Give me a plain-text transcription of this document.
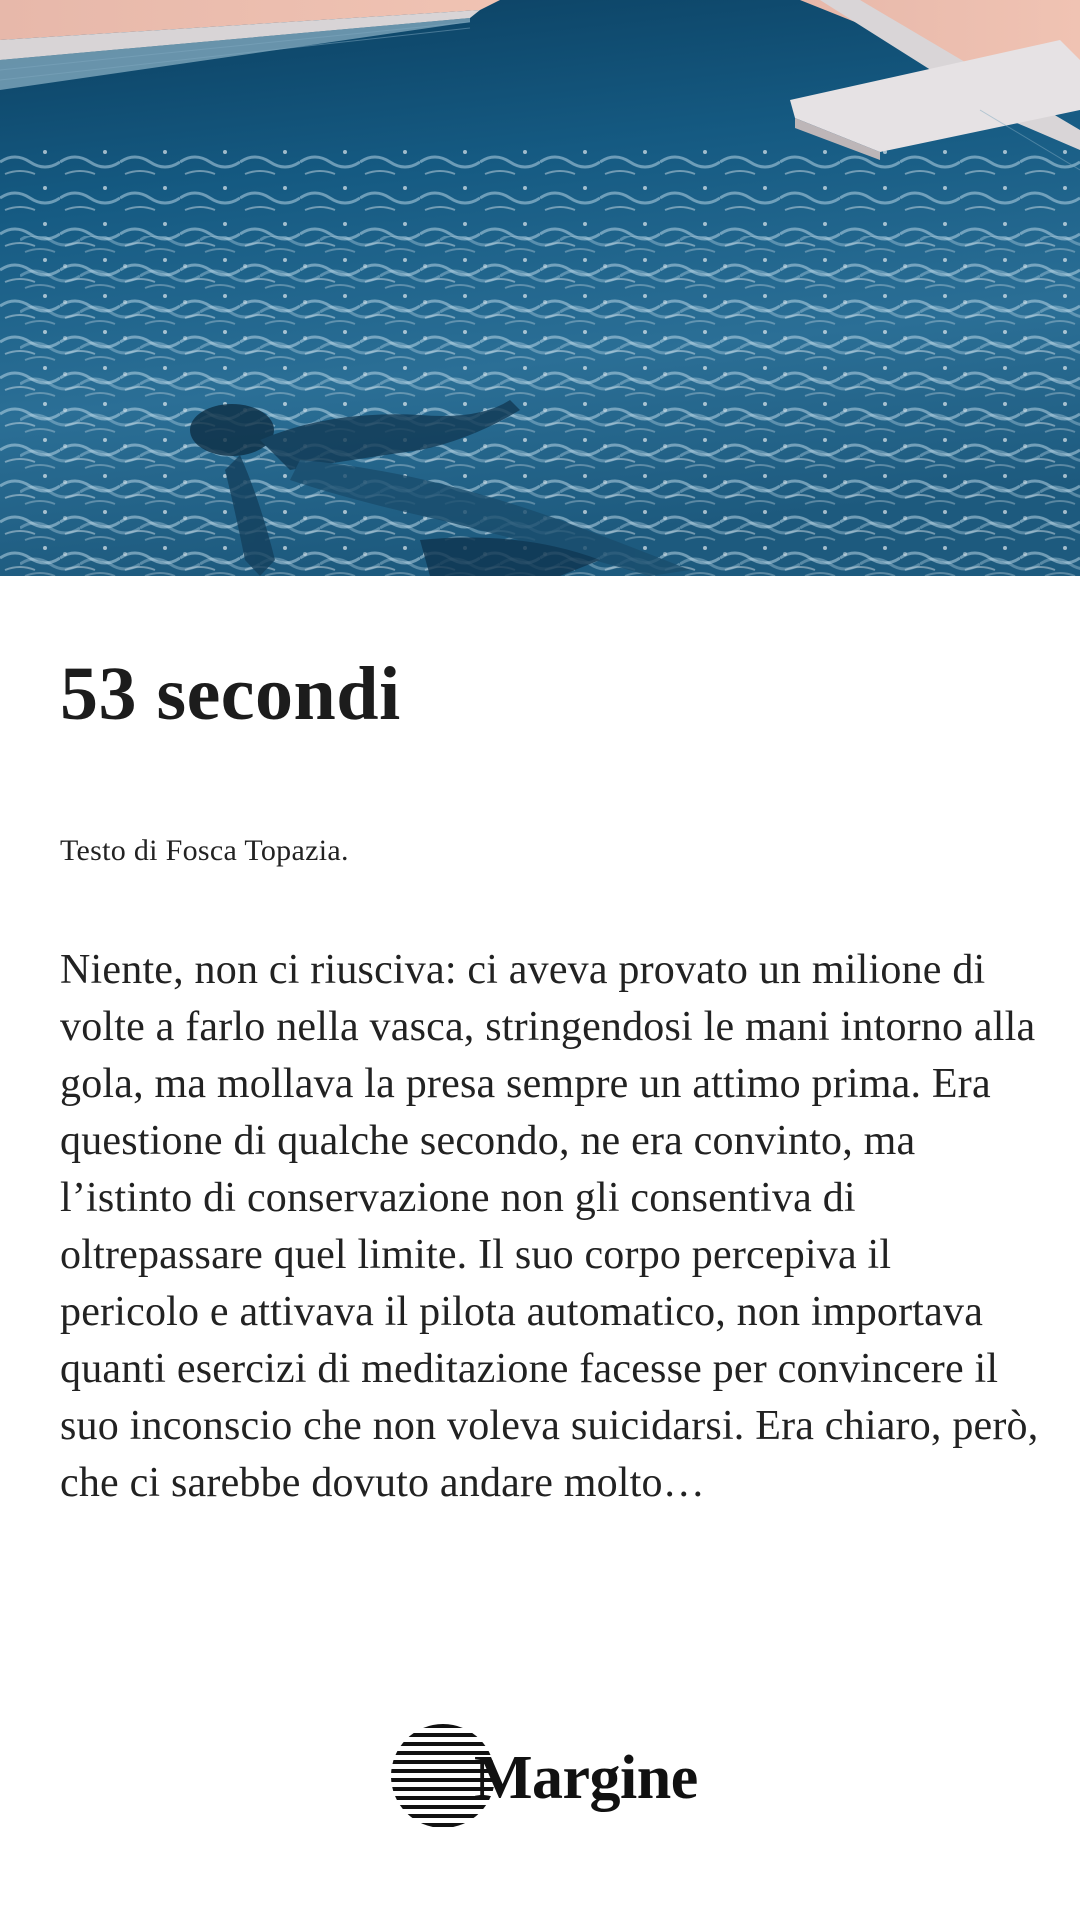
53 secondi
Testo di Fosca Topazia.

Niente, non ci riusciva: ci aveva provato un milione di volte a farlo nella vasca, stringendosi le mani intorno alla gola, ma mollava la presa sempre un attimo prima. Era questione di qualche secondo, ne era convinto, ma l’istinto di conservazione non gli consentiva di oltrepassare quel limite. Il suo corpo percepiva il pericolo e attivava il pilota automatico, non importava quanti esercizi di meditazione facesse per convincere il suo inconscio che non voleva suicidarsi. Era chiaro, però, che ci sarebbe dovuto andare molto…

Margine
